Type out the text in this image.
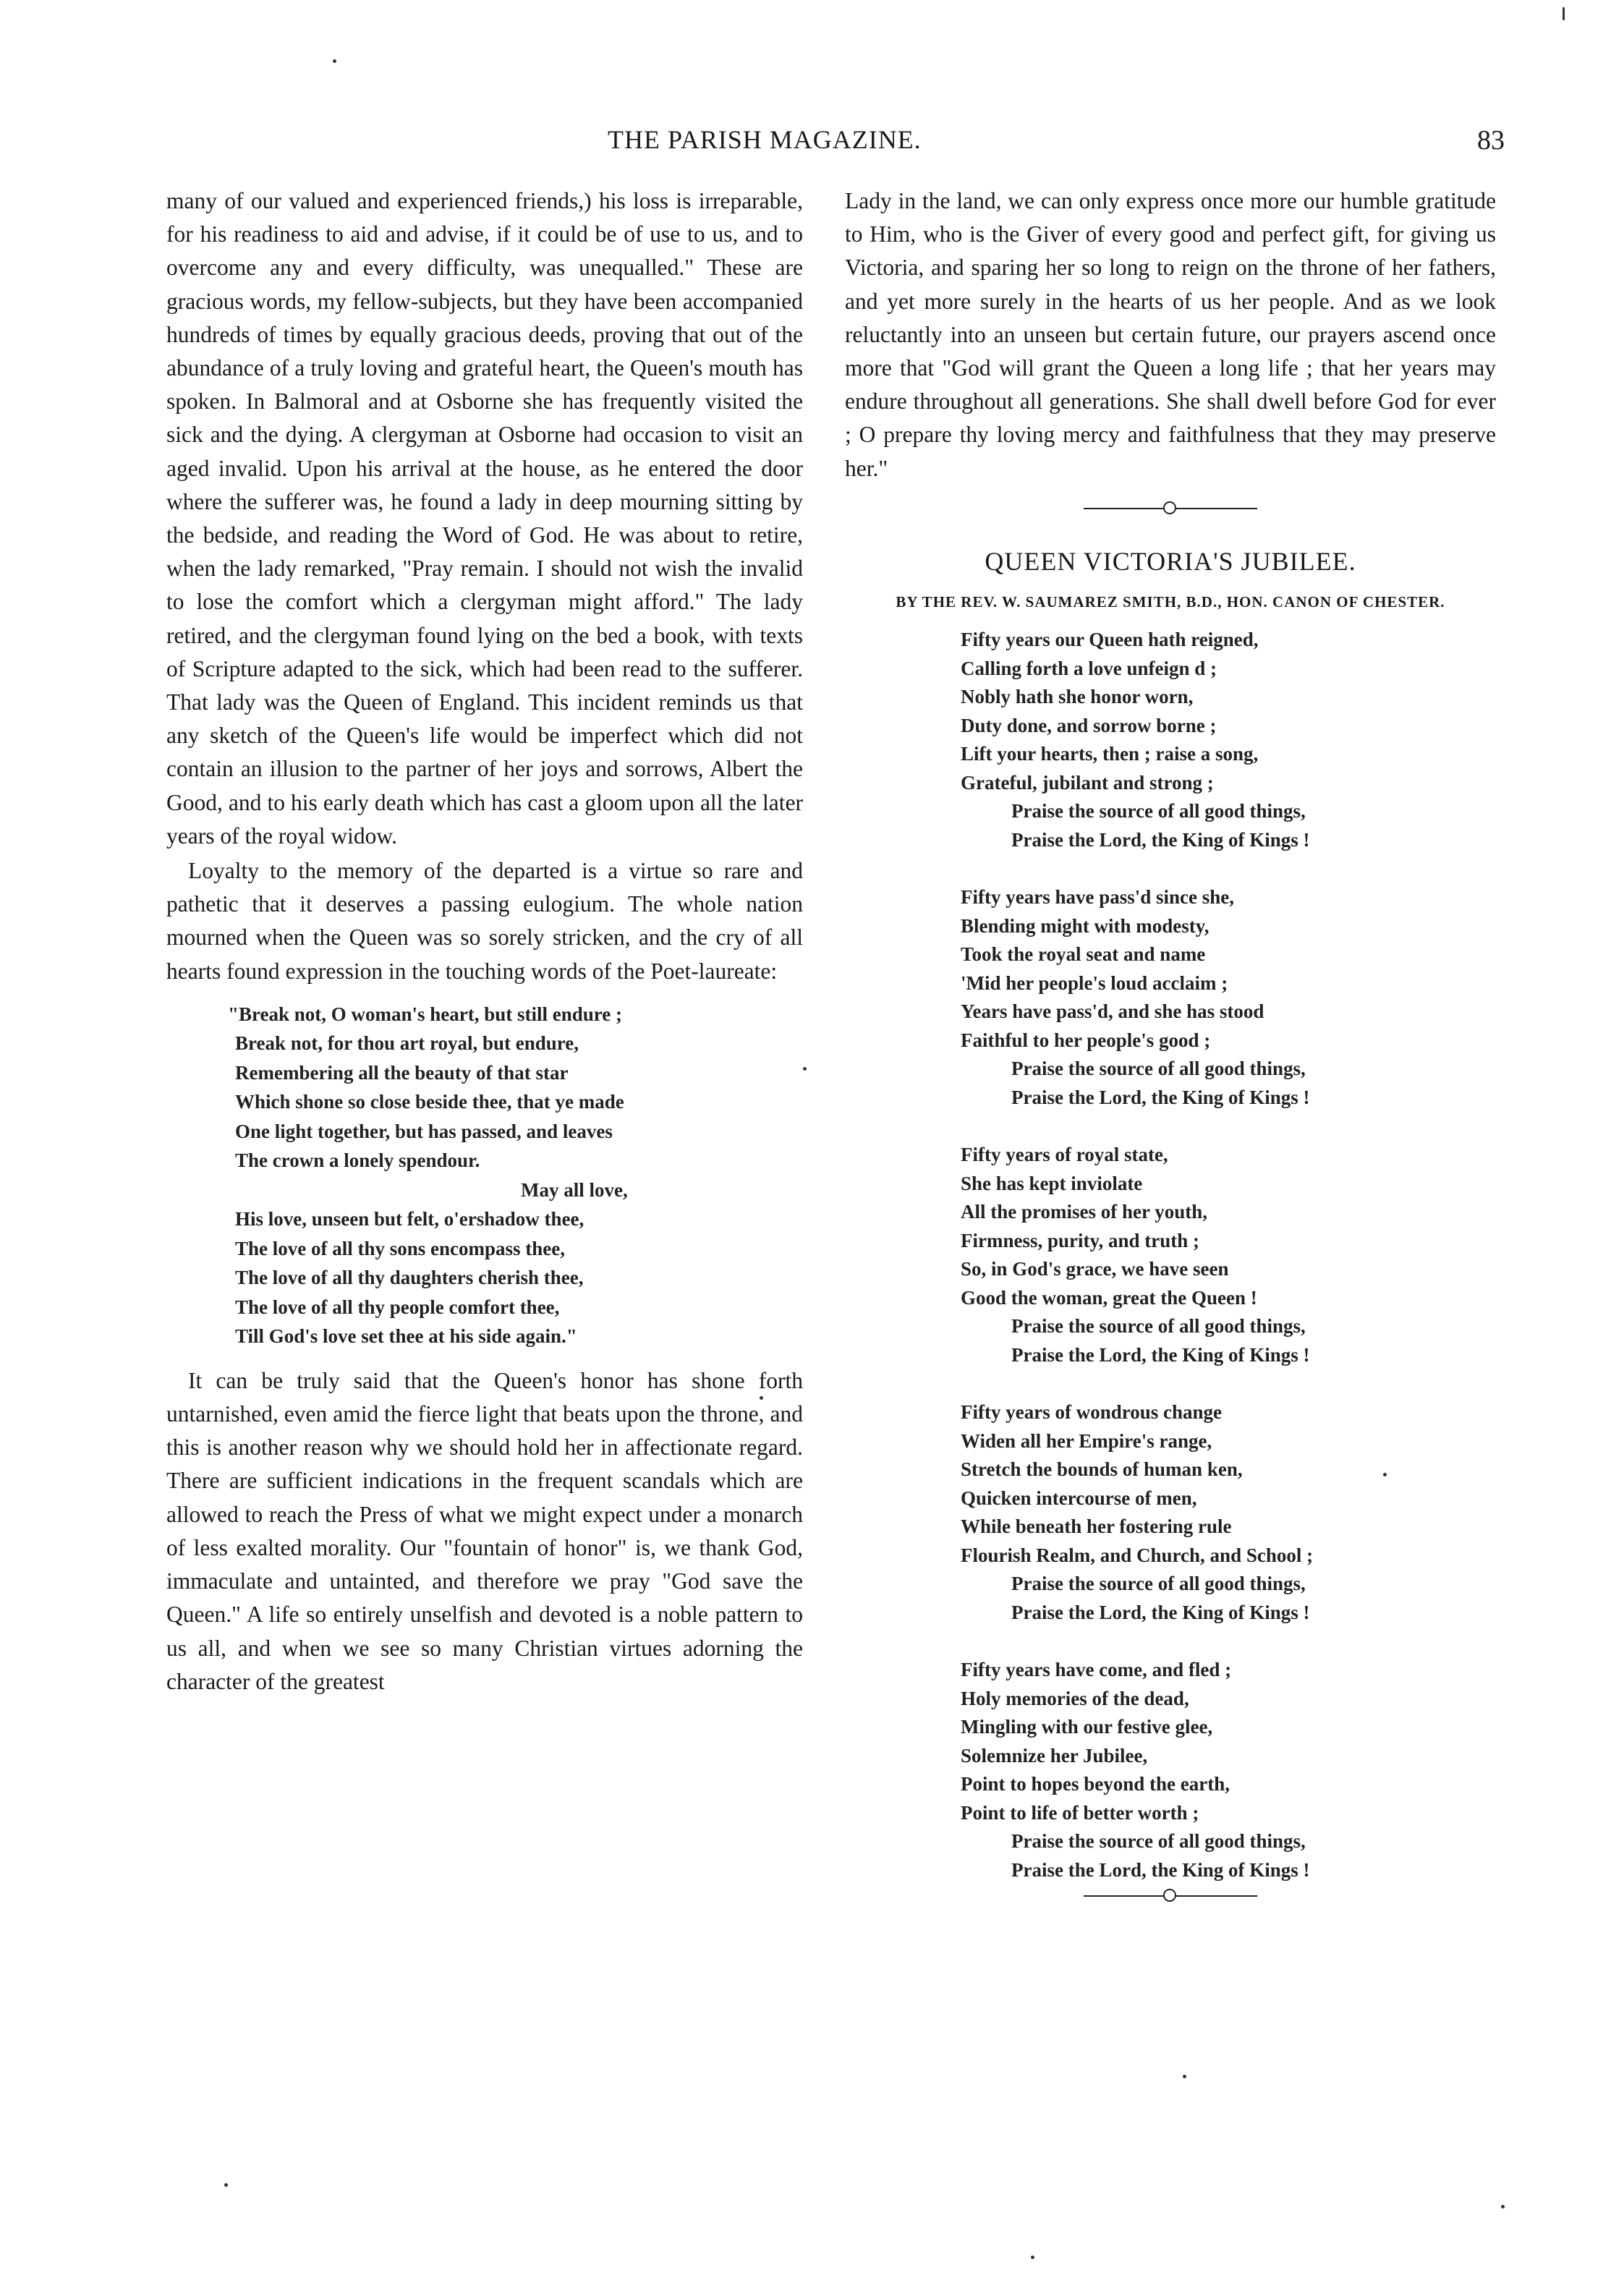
THE PARISH MAGAZINE.	83

many of our valued and experienced friends,) his loss is irreparable, for his readiness to aid and advise, if it could be of use to us, and to overcome any and every difficulty, was unequalled." These are gracious words, my fellow-subjects, but they have been accompanied hundreds of times by equally gracious deeds, proving that out of the abundance of a truly loving and grateful heart, the Queen's mouth has spoken. In Balmoral and at Osborne she has frequently visited the sick and the dying. A clergyman at Osborne had occasion to visit an aged invalid. Upon his arrival at the house, as he entered the door where the sufferer was, he found a lady in deep mourning sitting by the bedside, and reading the Word of God. He was about to retire, when the lady remarked, "Pray remain. I should not wish the invalid to lose the comfort which a clergyman might afford." The lady retired, and the clergyman found lying on the bed a book, with texts of Scripture adapted to the sick, which had been read to the sufferer. That lady was the Queen of England. This incident reminds us that any sketch of the Queen's life would be imperfect which did not contain an illusion to the partner of her joys and sorrows, Albert the Good, and to his early death which has cast a gloom upon all the later years of the royal widow.

Loyalty to the memory of the departed is a virtue so rare and pathetic that it deserves a passing eulogium. The whole nation mourned when the Queen was so sorely stricken, and the cry of all hearts found expression in the touching words of the Poet-laureate:

"Break not, O woman's heart, but still endure ;
Break not, for thou art royal, but endure,
Remembering all the beauty of that star
Which shone so close beside thee, that ye made
One light together, but has passed, and leaves
The crown a lonely spendour.
May all love,
His love, unseen but felt, o'ershadow thee,
The love of all thy sons encompass thee,
The love of all thy daughters cherish thee,
The love of all thy people comfort thee,
Till God's love set thee at his side again."

It can be truly said that the Queen's honor has shone forth untarnished, even amid the fierce light that beats upon the throne, and this is another reason why we should hold her in affectionate regard. There are sufficient indications in the frequent scandals which are allowed to reach the Press of what we might expect under a monarch of less exalted morality. Our "fountain of honor" is, we thank God, immaculate and untainted, and therefore we pray "God save the Queen." A life so entirely unselfish and devoted is a noble pattern to us all, and when we see so many Christian virtues adorning the character of the greatest

Lady in the land, we can only express once more our humble gratitude to Him, who is the Giver of every good and perfect gift, for giving us Victoria, and sparing her so long to reign on the throne of her fathers, and yet more surely in the hearts of us her people. And as we look reluctantly into an unseen but certain future, our prayers ascend once more that "God will grant the Queen a long life ; that her years may endure throughout all generations. She shall dwell before God for ever ; O prepare thy loving mercy and faithfulness that they may preserve her."

QUEEN VICTORIA'S JUBILEE.
BY THE REV. W. SAUMAREZ SMITH, B.D., HON. CANON OF CHESTER.
Fifty years our Queen hath reigned,
Calling forth a love unfeign d ;
Nobly hath she honor worn,
Duty done, and sorrow borne ;
Lift your hearts, then ; raise a song,
Grateful, jubilant and strong ;
Praise the source of all good things,
Praise the Lord, the King of Kings !
Fifty years have pass'd since she,
Blending might with modesty,
Took the royal seat and name
'Mid her people's loud acclaim ;
Years have pass'd, and she has stood
Faithful to her people's good ;
Praise the source of all good things,
Praise the Lord, the King of Kings !
Fifty years of royal state,
She has kept inviolate
All the promises of her youth,
Firmness, purity, and truth ;
So, in God's grace, we have seen
Good the woman, great the Queen !
Praise the source of all good things,
Praise the Lord, the King of Kings !
Fifty years of wondrous change
Widen all her Empire's range,
Stretch the bounds of human ken,
Quicken intercourse of men,
While beneath her fostering rule
Flourish Realm, and Church, and School ;
Praise the source of all good things,
Praise the Lord, the King of Kings !
Fifty years have come, and fled ;
Holy memories of the dead,
Mingling with our festive glee,
Solemnize her Jubilee,
Point to hopes beyond the earth,
Point to life of better worth ;
Praise the source of all good things,
Praise the Lord, the King of Kings !
